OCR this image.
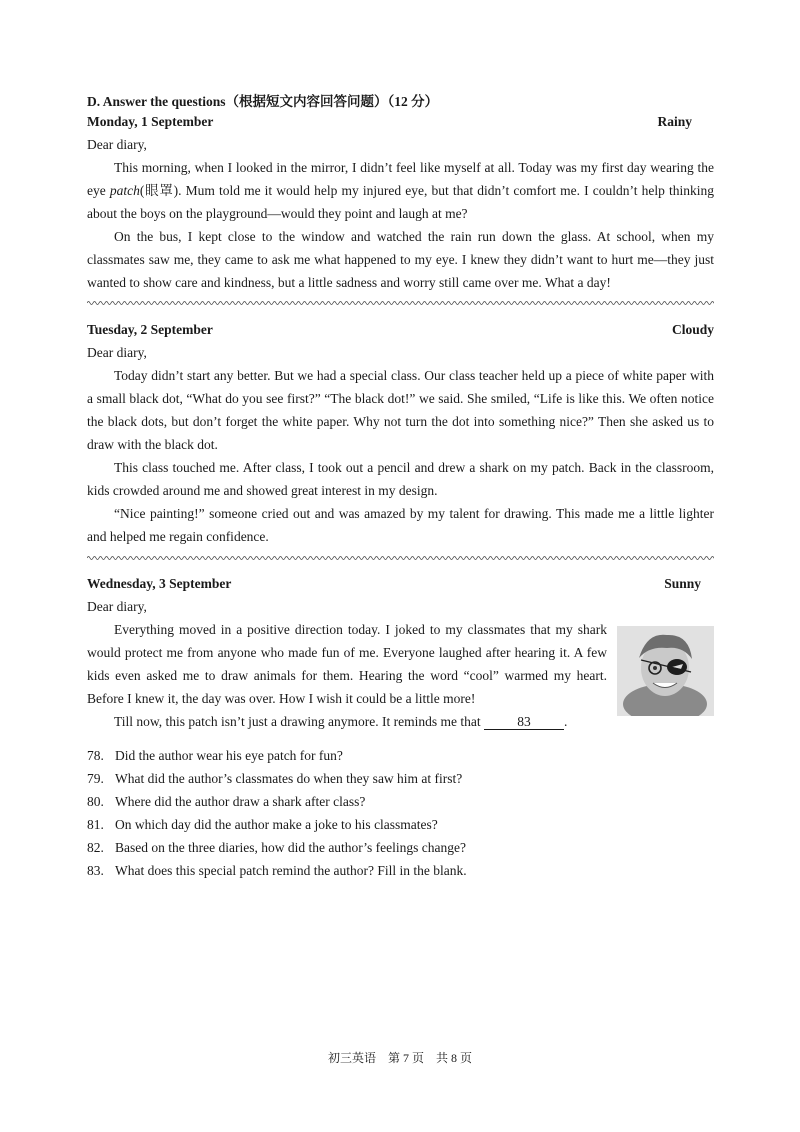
D. Answer the questions（根据短文内容回答问题）（12 分）
Monday, 1 September	Rainy
Dear diary,

This morning, when I looked in the mirror, I didn’t feel like myself at all. Today was my first day wearing the eye patch(眼罩). Mum told me it would help my injured eye, but that didn’t comfort me. I couldn’t help thinking about the boys on the playground—would they point and laugh at me?

On the bus, I kept close to the window and watched the rain run down the glass. At school, when my classmates saw me, they came to ask me what happened to my eye. I knew they didn’t want to hurt me—they just wanted to show care and kindness, but a little sadness and worry still came over me. What a day!

Tuesday, 2 September	Cloudy
Dear diary,

Today didn’t start any better. But we had a special class. Our class teacher held up a piece of white paper with a small black dot, “What do you see first?” “The black dot!” we said. She smiled, “Life is like this. We often notice the black dots, but don’t forget the white paper. Why not turn the dot into something nice?” Then she asked us to draw with the black dot.

This class touched me. After class, I took out a pencil and drew a shark on my patch. Back in the classroom, kids crowded around me and showed great interest in my design.

“Nice painting!” someone cried out and was amazed by my talent for drawing. This made me a little lighter and helped me regain confidence.

Wednesday, 3 September	Sunny
Dear diary,

Everything moved in a positive direction today. I joked to my classmates that my shark would protect me from anyone who made fun of me. Everyone laughed after hearing it. A few kids even asked me to draw animals for them. Hearing the word “cool” warmed my heart. Before I knew it, the day was over. How I wish it could be a little more!

Till now, this patch isn’t just a drawing anymore. It reminds me that	83 .

78. Did the author wear his eye patch for fun?
79. What did the author’s classmates do when they saw him at first?
80. Where did the author draw a shark after class?
81. On which day did the author make a joke to his classmates?
82. Based on the three diaries, how did the author’s feelings change?
83. What does this special patch remind the author? Fill in the blank.
初三英语　第 7 页　共 8 页
